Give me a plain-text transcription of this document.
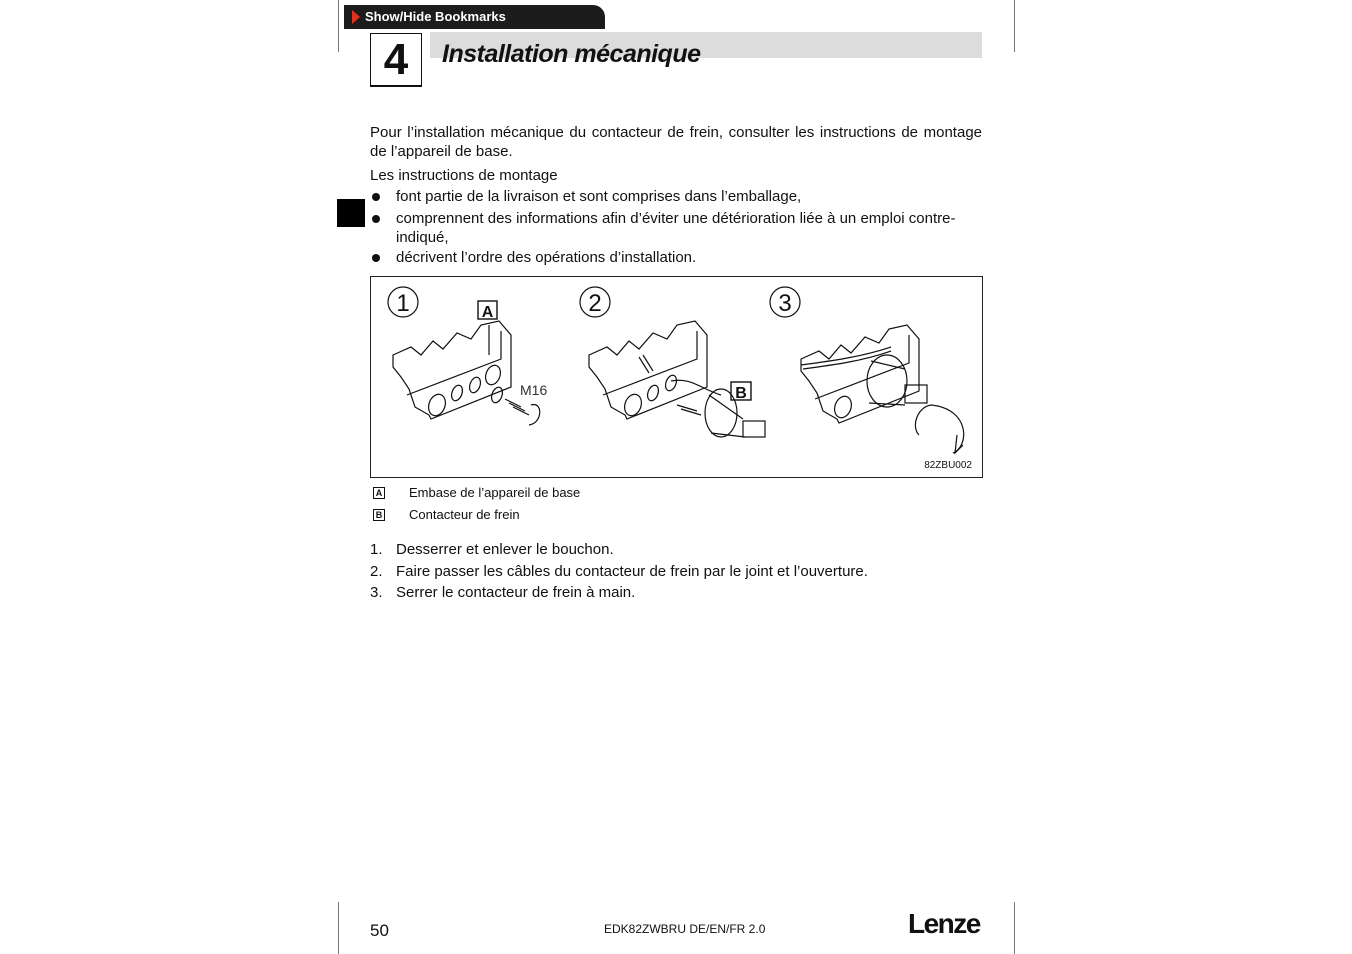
Show/Hide Bookmarks
4	Installation mécanique
Pour l’installation mécanique du contacteur de frein, consulter les instructions de montage de l’appareil de base.
Les instructions de montage
font partie de la livraison et sont comprises dans l’emballage,
comprennent des informations afin d’éviter une détérioration liée à un emploi contre-indiqué,
décrivent l’ordre des opérations d’installation.
1	2	3
A
B
M16
82ZBU002
A Embase de l’appareil de base
B Contacteur de frein
1. Desserrer et enlever le bouchon.
2. Faire passer les câbles du contacteur de frein par le joint et l’ouverture.
3. Serrer le contacteur de frein à main.
50	EDK82ZWBRU DE/EN/FR 2.0	Lenze
